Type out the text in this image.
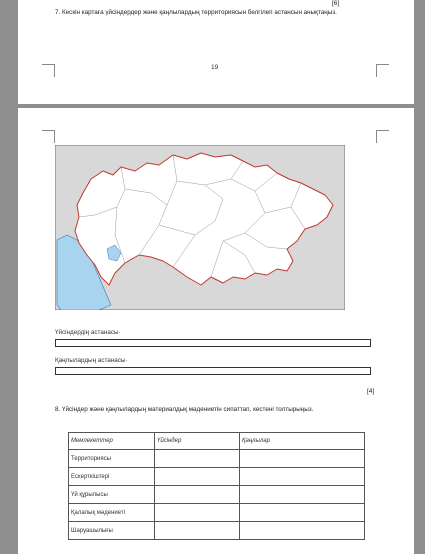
[6]
7. Кескін картаға үйсіндердер және қаңлылардың территориясын белгілеп астансын анықтаңыз.
19
Үйсіндердің астанасы·
Қаңлылардың астанасы·
[4]
8. Үйсіндер және қаңлылардың материалдық мәдениетін сипаттап, кестені толтырыңыз.
Мемлекеттер	Үйсіндер	Қаңлылар
Территориясы		
Ескерткіштері		
Үй құрылысы		
Қалалық мәдениеті		
Шаруашылығы		
